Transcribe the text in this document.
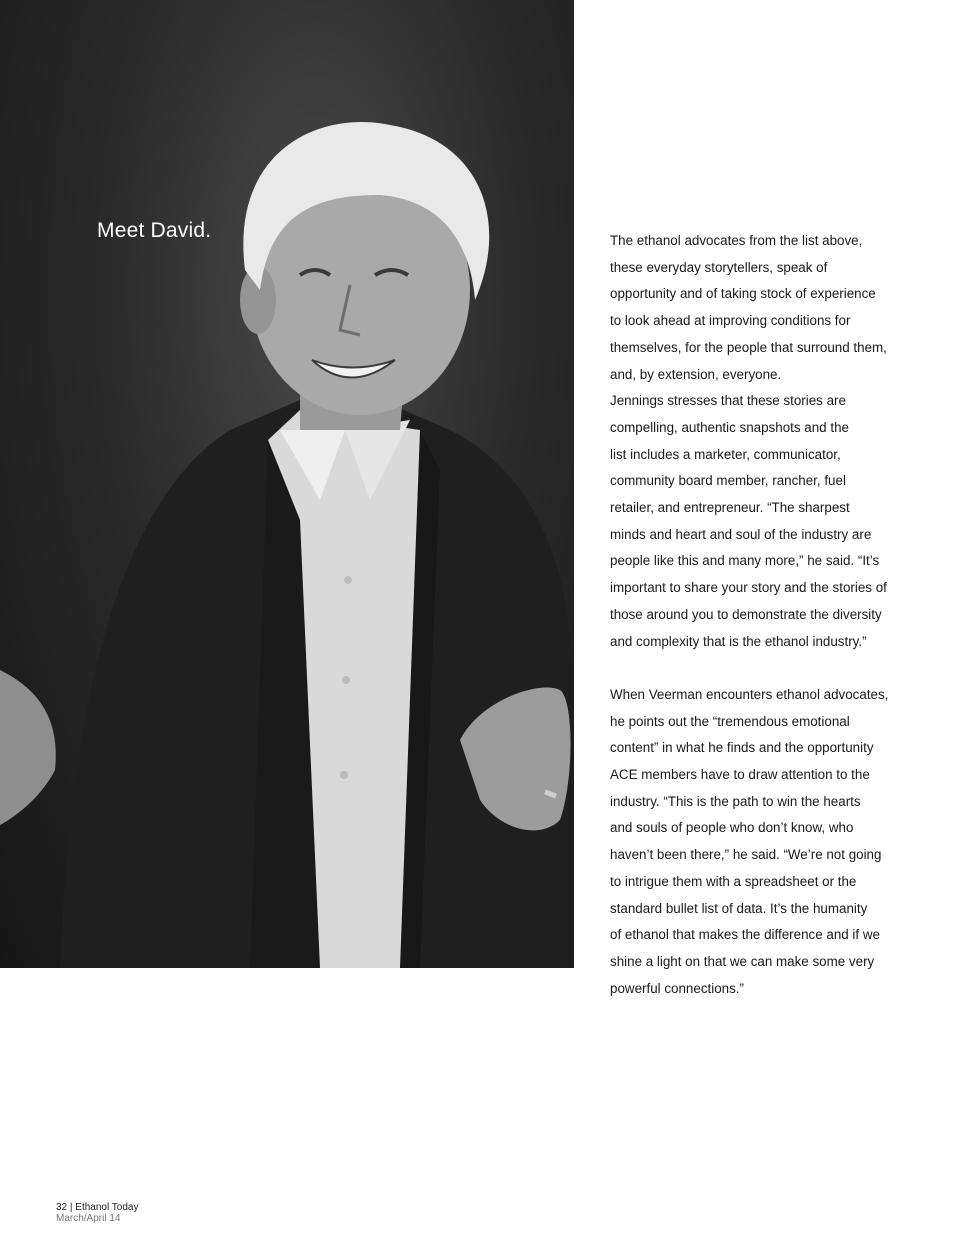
Meet David.	The ethanol advocates from the list above,
these everyday storytellers, speak of
opportunity and of taking stock of experience
to look ahead at improving conditions for
themselves, for the people that surround them,
and, by extension, everyone.

Jennings stresses that these stories are
compelling, authentic snapshots and the
list includes a marketer, communicator,
community board member, rancher, fuel
retailer, and entrepreneur. “The sharpest
minds and heart and soul of the industry are
people like this and many more,” he said. “It’s
important to share your story and the stories of
those around you to demonstrate the diversity
and complexity that is the ethanol industry.”

When Veerman encounters ethanol advocates,
he points out the “tremendous emotional
content” in what he finds and the opportunity
ACE members have to draw attention to the
industry. “This is the path to win the hearts
and souls of people who don’t know, who
haven’t been there,” he said. “We’re not going
to intrigue them with a spreadsheet or the
standard bullet list of data. It’s the humanity
of ethanol that makes the difference and if we
shine a light on that we can make some very
powerful connections.”

32 | Ethanol Today
March/April 14
